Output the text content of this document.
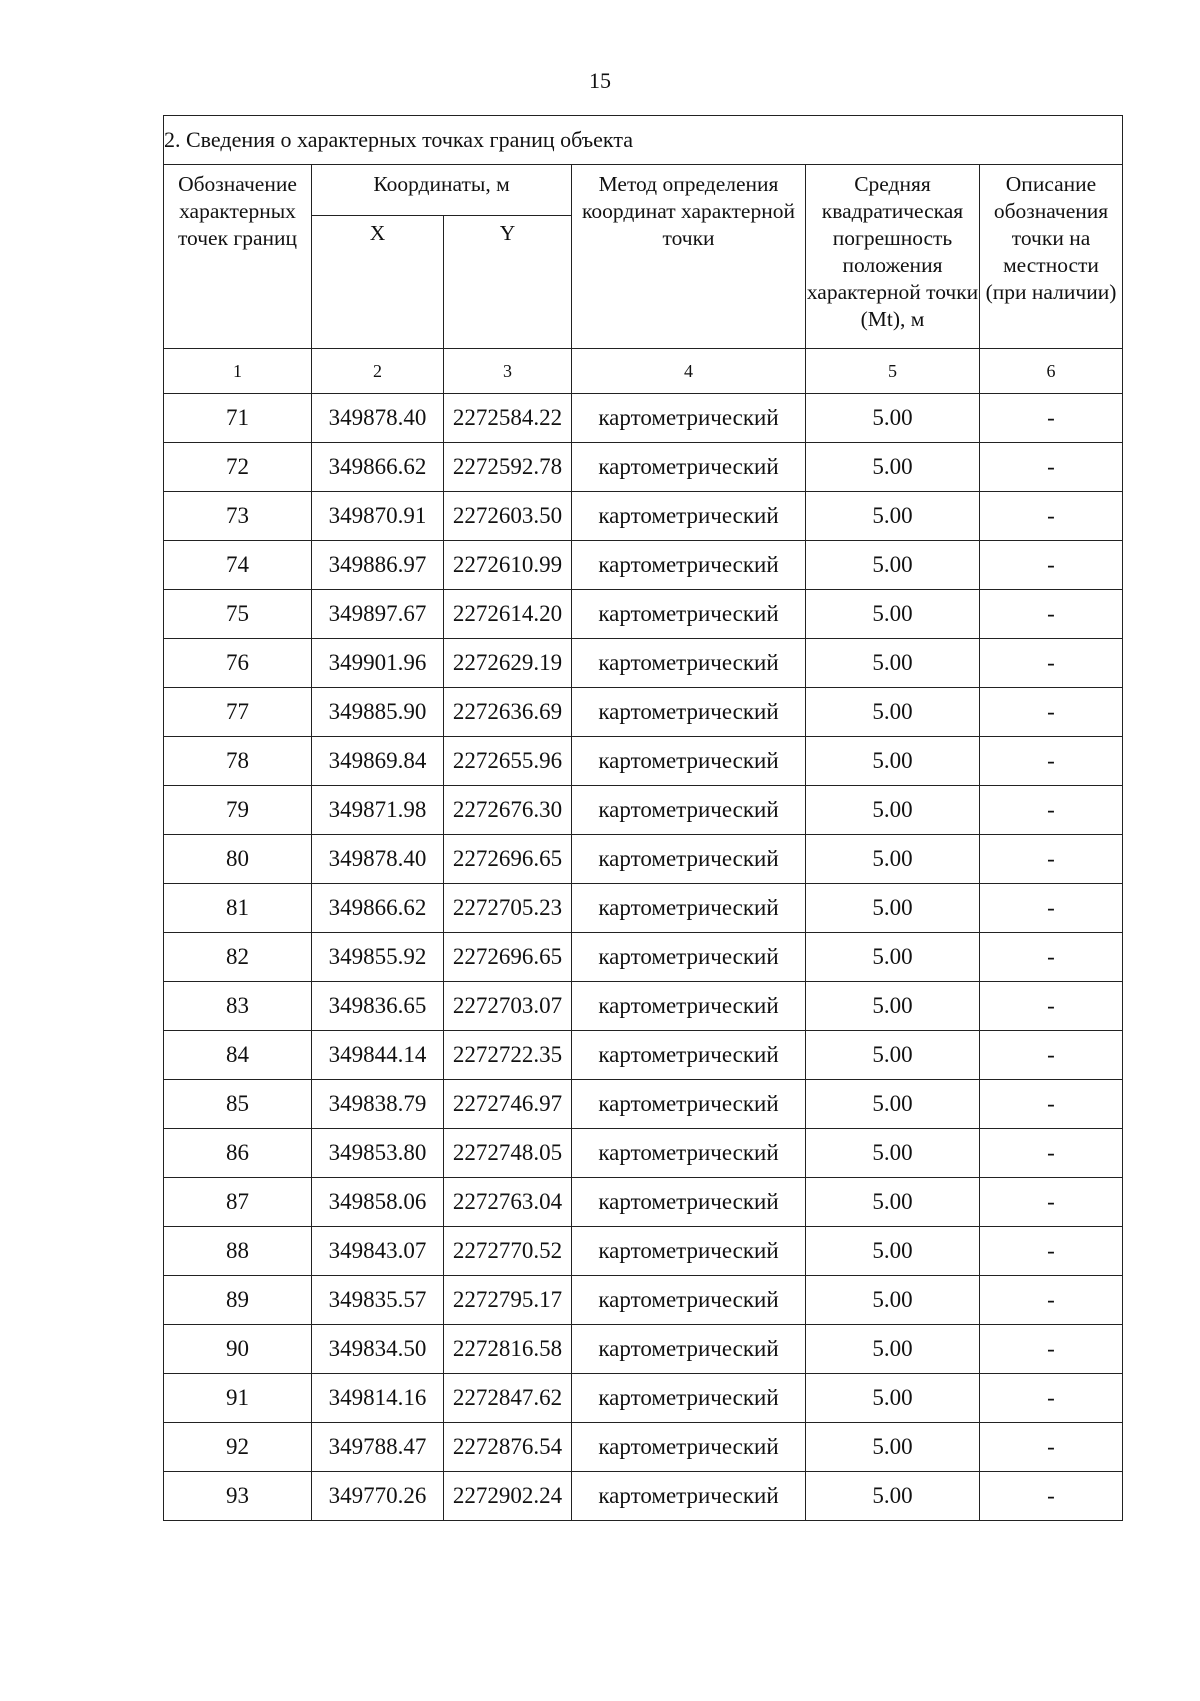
15
2. Сведения о характерных точках границ объекта					
Обозначение характерных точек границ	Координаты, м		Метод определения координат характерной точки	Средняя квадратическая погрешность положения характерной точки (Mt), м	Описание обозначения точки на местности (при наличии)
	X	Y			
1	2	3	4	5	6
71	349878.40	2272584.22	картометрический	5.00	-
72	349866.62	2272592.78	картометрический	5.00	-
73	349870.91	2272603.50	картометрический	5.00	-
74	349886.97	2272610.99	картометрический	5.00	-
75	349897.67	2272614.20	картометрический	5.00	-
76	349901.96	2272629.19	картометрический	5.00	-
77	349885.90	2272636.69	картометрический	5.00	-
78	349869.84	2272655.96	картометрический	5.00	-
79	349871.98	2272676.30	картометрический	5.00	-
80	349878.40	2272696.65	картометрический	5.00	-
81	349866.62	2272705.23	картометрический	5.00	-
82	349855.92	2272696.65	картометрический	5.00	-
83	349836.65	2272703.07	картометрический	5.00	-
84	349844.14	2272722.35	картометрический	5.00	-
85	349838.79	2272746.97	картометрический	5.00	-
86	349853.80	2272748.05	картометрический	5.00	-
87	349858.06	2272763.04	картометрический	5.00	-
88	349843.07	2272770.52	картометрический	5.00	-
89	349835.57	2272795.17	картометрический	5.00	-
90	349834.50	2272816.58	картометрический	5.00	-
91	349814.16	2272847.62	картометрический	5.00	-
92	349788.47	2272876.54	картометрический	5.00	-
93	349770.26	2272902.24	картометрический	5.00	-
